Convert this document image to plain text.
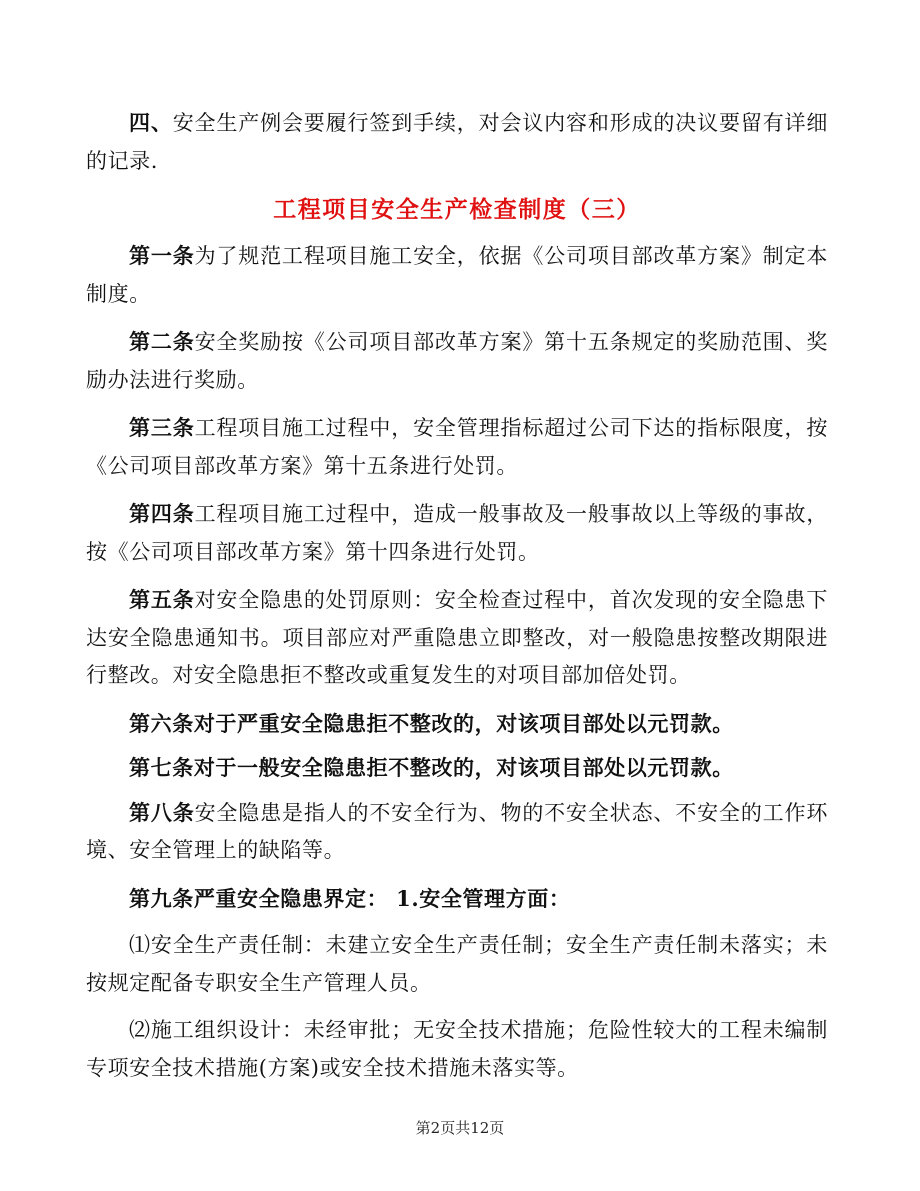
四、安全生产例会要履行签到手续，对会议内容和形成的决议要留有详细的记录.

工程项目安全生产检查制度（三）

第一条为了规范工程项目施工安全，依据《公司项目部改革方案》制定本制度。

第二条安全奖励按《公司项目部改革方案》第十五条规定的奖励范围、奖励办法进行奖励。

第三条工程项目施工过程中，安全管理指标超过公司下达的指标限度，按《公司项目部改革方案》第十五条进行处罚。

第四条工程项目施工过程中，造成一般事故及一般事故以上等级的事故，按《公司项目部改革方案》第十四条进行处罚。

第五条对安全隐患的处罚原则：安全检查过程中，首次发现的安全隐患下达安全隐患通知书。项目部应对严重隐患立即整改，对一般隐患按整改期限进行整改。对安全隐患拒不整改或重复发生的对项目部加倍处罚。

第六条对于严重安全隐患拒不整改的，对该项目部处以元罚款。

第七条对于一般安全隐患拒不整改的，对该项目部处以元罚款。

第八条安全隐患是指人的不安全行为、物的不安全状态、不安全的工作环境、安全管理上的缺陷等。

第九条严重安全隐患界定： 1.安全管理方面：

⑴安全生产责任制：未建立安全生产责任制；安全生产责任制未落实；未按规定配备专职安全生产管理人员。

⑵施工组织设计：未经审批；无安全技术措施；危险性较大的工程未编制专项安全技术措施(方案)或安全技术措施未落实等。

第2页共12页
